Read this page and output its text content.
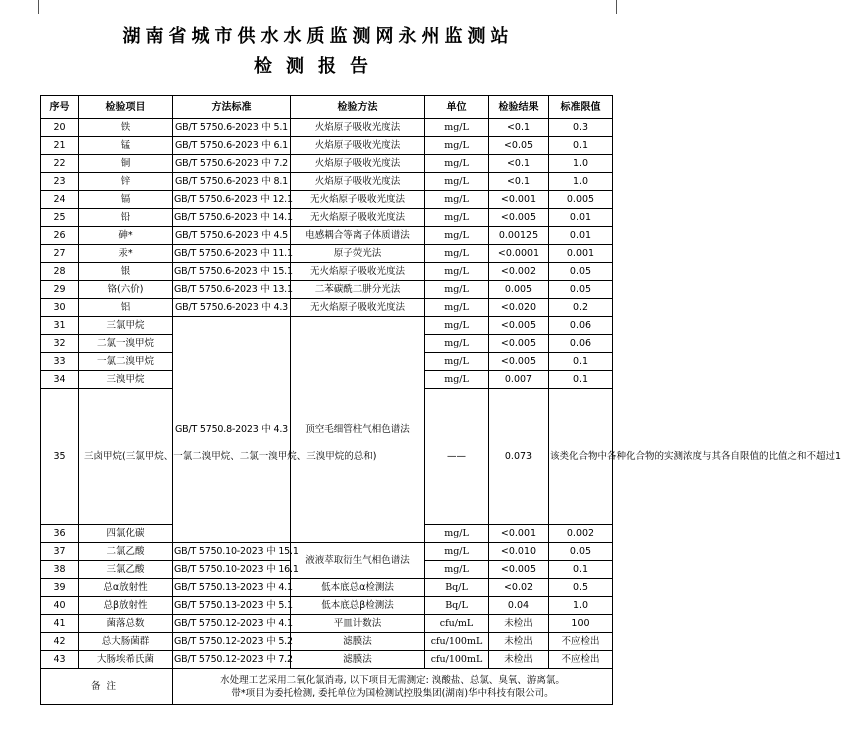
湖南省城市供水水质监测网永州监测站
检测报告
序号	检验项目	方法标准	检验方法	单位	检验结果	标准限值
20	铁	GB/T 5750.6-2023 中 5.1	火焰原子吸收光度法	mg/L	<0.1	0.3
21	锰	GB/T 5750.6-2023 中 6.1	火焰原子吸收光度法	mg/L	<0.05	0.1
22	铜	GB/T 5750.6-2023 中 7.2	火焰原子吸收光度法	mg/L	<0.1	1.0
23	锌	GB/T 5750.6-2023 中 8.1	火焰原子吸收光度法	mg/L	<0.1	1.0
24	镉	GB/T 5750.6-2023 中 12.1	无火焰原子吸收光度法	mg/L	<0.001	0.005
25	铅	GB/T 5750.6-2023 中 14.1	无火焰原子吸收光度法	mg/L	<0.005	0.01
26	砷*	GB/T 5750.6-2023 中 4.5	电感耦合等离子体质谱法	mg/L	0.00125	0.01
27	汞*	GB/T 5750.6-2023 中 11.1	原子荧光法	mg/L	<0.0001	0.001
28	银	GB/T 5750.6-2023 中 15.1	无火焰原子吸收光度法	mg/L	<0.002	0.05
29	铬(六价)	GB/T 5750.6-2023 中 13.1	二苯碳酰二肼分光法	mg/L	0.005	0.05
30	铝	GB/T 5750.6-2023 中 4.3	无火焰原子吸收光度法	mg/L	<0.020	0.2
31	三氯甲烷	GB/T 5750.8-2023 中 4.3	顶空毛细管柱气相色谱法	mg/L	<0.005	0.06
32	二氯一溴甲烷			mg/L	<0.005	0.06
33	一氯二溴甲烷			mg/L	<0.005	0.1
34	三溴甲烷			mg/L	0.007	0.1
35	三卤甲烷(三氯甲烷、一氯二溴甲烷、二氯一溴甲烷、三溴甲烷的总和)			——	0.073	该类化合物中各种化合物的实测浓度与其各自限值的比值之和不超过1
36	四氯化碳			mg/L	<0.001	0.002
37	二氯乙酸	GB/T 5750.10-2023 中 15.1	液液萃取衍生气相色谱法	mg/L	<0.010	0.05
38	三氯乙酸	GB/T 5750.10-2023 中 16.1		mg/L	<0.005	0.1
39	总α放射性	GB/T 5750.13-2023 中 4.1	低本底总α检测法	Bq/L	<0.02	0.5
40	总β放射性	GB/T 5750.13-2023 中 5.1	低本底总β检测法	Bq/L	0.04	1.0
41	菌落总数	GB/T 5750.12-2023 中 4.1	平皿计数法	cfu/mL	未检出	100
42	总大肠菌群	GB/T 5750.12-2023 中 5.2	滤膜法	cfu/100mL	未检出	不应检出
43	大肠埃希氏菌	GB/T 5750.12-2023 中 7.2	滤膜法	cfu/100mL	未检出	不应检出
备注		水处理工艺采用二氧化氯消毒, 以下项目无需测定: 溴酸盐、总氯、臭氧、游离氯。
带*项目为委托检测, 委托单位为国检测试控股集团(湖南)华中科技有限公司。				
